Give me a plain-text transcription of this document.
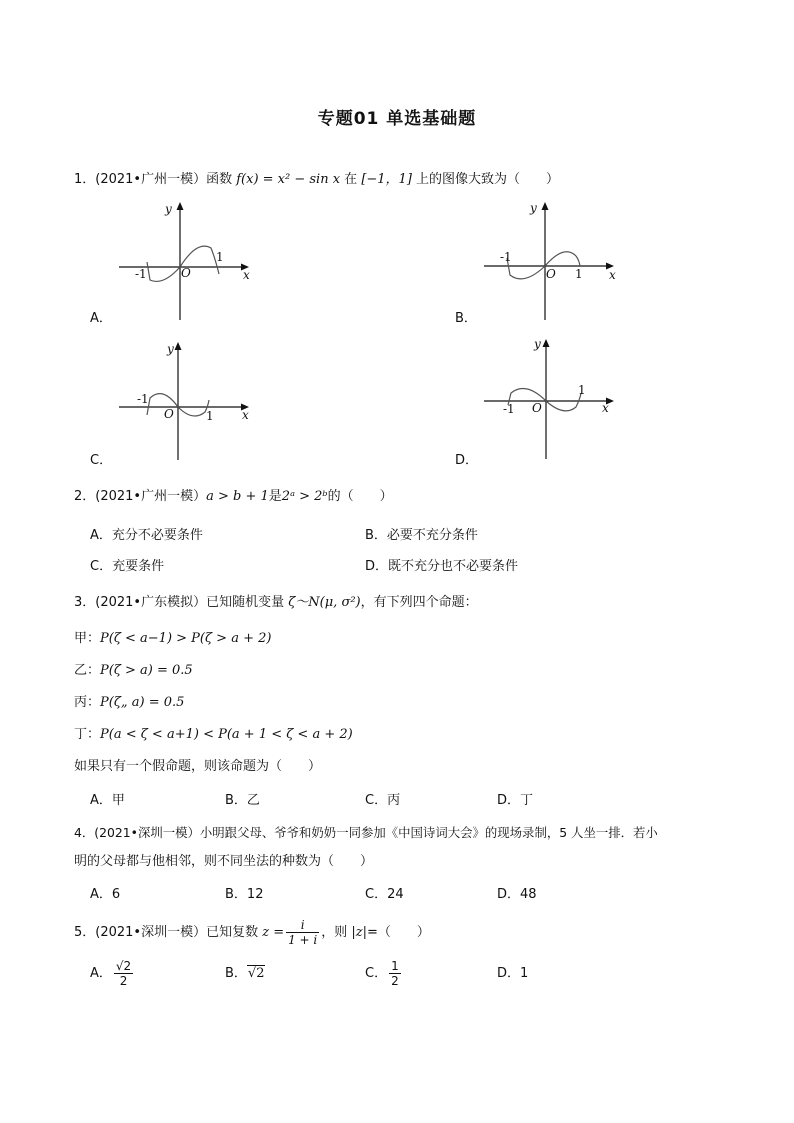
专题01 单选基础题
1．(2021•广州一模）函数 f(x) = x² − sin x 在 [−1，1] 上的图像大致为（　　）
y
x
O
-1
1
A．
y
x
O
-1
1
B．
y
x
O
-1
1
C．
y
x
O
-1
1
D．
2．(2021•广州一模）a > b + 1是2ᵃ > 2ᵇ的（　　）
A．充分不必要条件	B．必要不充分条件
C．充要条件	D．既不充分也不必要条件
3．(2021•广东模拟）已知随机变量 ζ～N(μ, σ²)，有下列四个命题：
甲：P(ζ < a−1) > P(ζ > a + 2)
乙：P(ζ > a) = 0.5
丙：P(ζ„ a) = 0.5
丁：P(a < ζ < a+1) < P(a + 1 < ζ < a + 2)
如果只有一个假命题，则该命题为（　　）
A．甲	B．乙	C．丙	D．丁
4．(2021•深圳一模）小明跟父母、爷爷和奶奶一同参加《中国诗词大会》的现场录制，5 人坐一排．若小
明的父母都与他相邻，则不同坐法的种数为（　　）
A．6	B．12	C．24	D．48
5．(2021•深圳一模）已知复数 $z = \frac{i}{1 + i}$ ，则 |z|=（　　）
A． $\frac{√2}{2}$	B．√2	C． $\frac{1}{2}$	D．1
